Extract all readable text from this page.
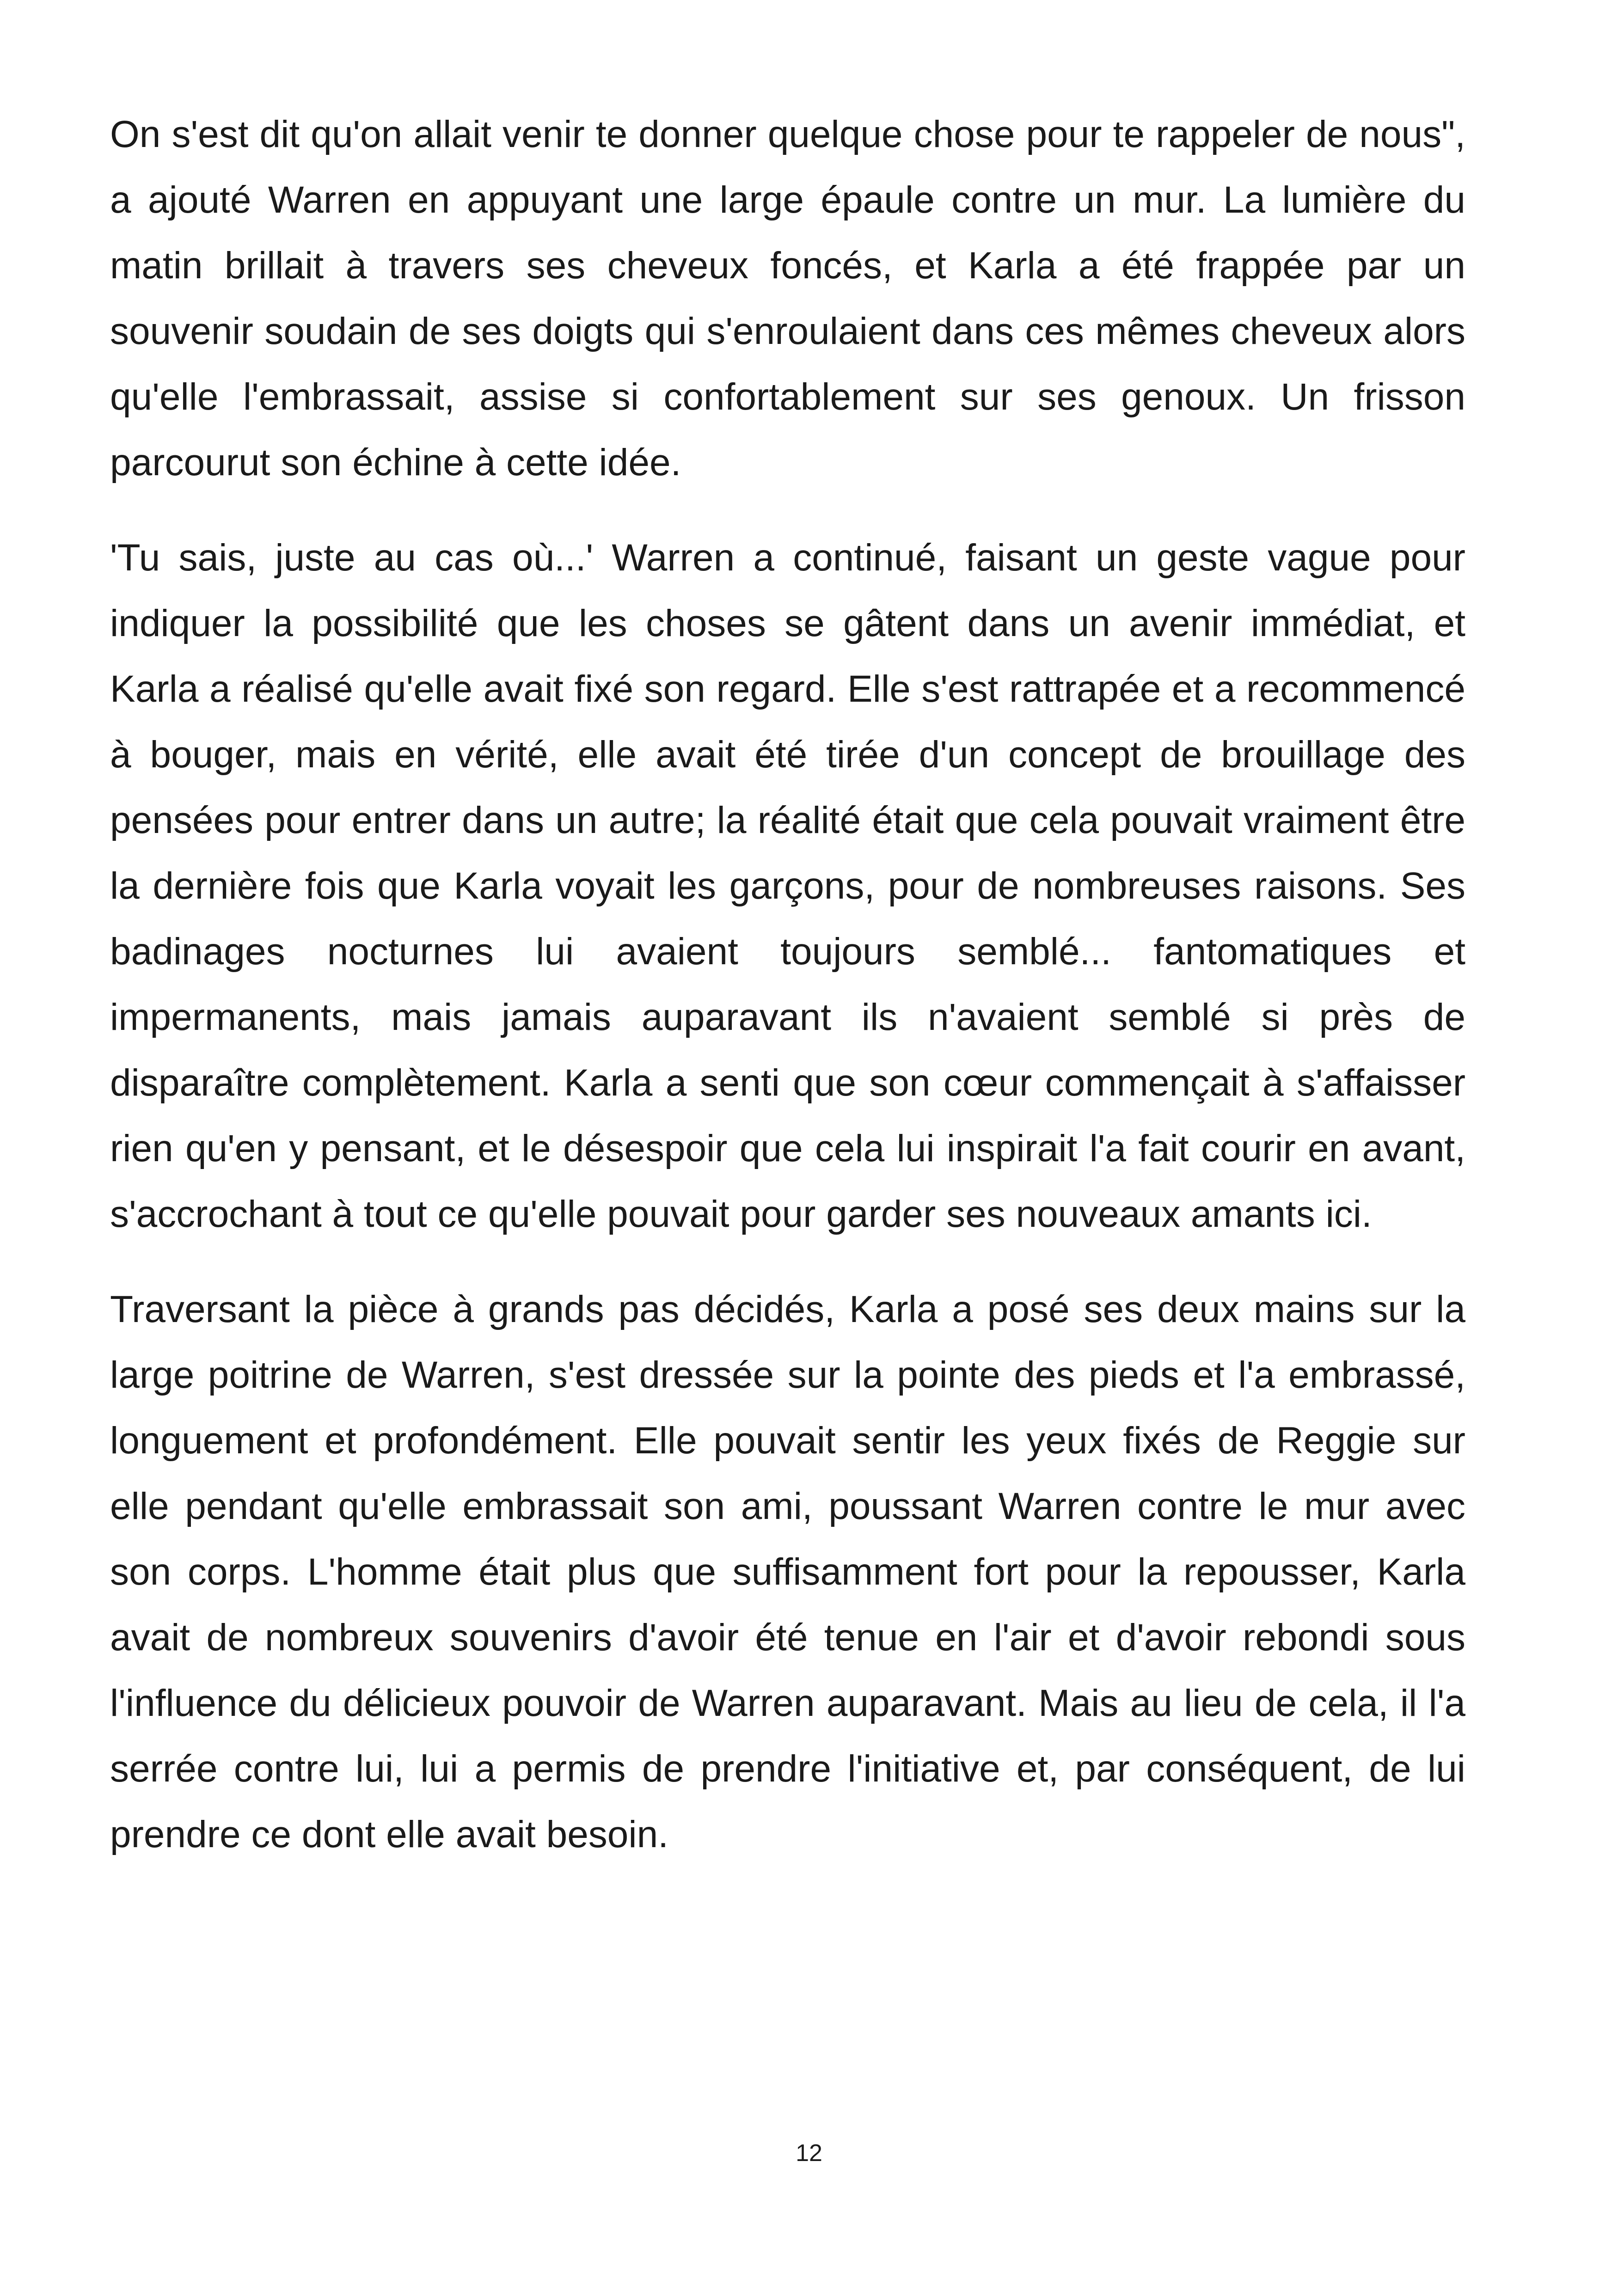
On s'est dit qu'on allait venir te donner quelque chose pour te rappeler de nous", a ajouté Warren en appuyant une large épaule contre un mur. La lumière du matin brillait à travers ses cheveux foncés, et Karla a été frappée par un souvenir soudain de ses doigts qui s'enroulaient dans ces mêmes cheveux alors qu'elle l'embrassait, assise si confortablement sur ses genoux. Un frisson parcourut son échine à cette idée.

'Tu sais, juste au cas où...' Warren a continué, faisant un geste vague pour indiquer la possibilité que les choses se gâtent dans un avenir immédiat, et Karla a réalisé qu'elle avait fixé son regard. Elle s'est rattrapée et a recommencé à bouger, mais en vérité, elle avait été tirée d'un concept de brouillage des pensées pour entrer dans un autre; la réalité était que cela pouvait vraiment être la dernière fois que Karla voyait les garçons, pour de nombreuses raisons. Ses badinages nocturnes lui avaient toujours semblé... fantomatiques et impermanents, mais jamais auparavant ils n'avaient semblé si près de disparaître complètement. Karla a senti que son cœur commençait à s'affaisser rien qu'en y pensant, et le désespoir que cela lui inspirait l'a fait courir en avant, s'accrochant à tout ce qu'elle pouvait pour garder ses nouveaux amants ici.

Traversant la pièce à grands pas décidés, Karla a posé ses deux mains sur la large poitrine de Warren, s'est dressée sur la pointe des pieds et l'a embrassé, longuement et profondément. Elle pouvait sentir les yeux fixés de Reggie sur elle pendant qu'elle embrassait son ami, poussant Warren contre le mur avec son corps. L'homme était plus que suffisamment fort pour la repousser, Karla avait de nombreux souvenirs d'avoir été tenue en l'air et d'avoir rebondi sous l'influence du délicieux pouvoir de Warren auparavant. Mais au lieu de cela, il l'a serrée contre lui, lui a permis de prendre l'initiative et, par conséquent, de lui prendre ce dont elle avait besoin.

12
